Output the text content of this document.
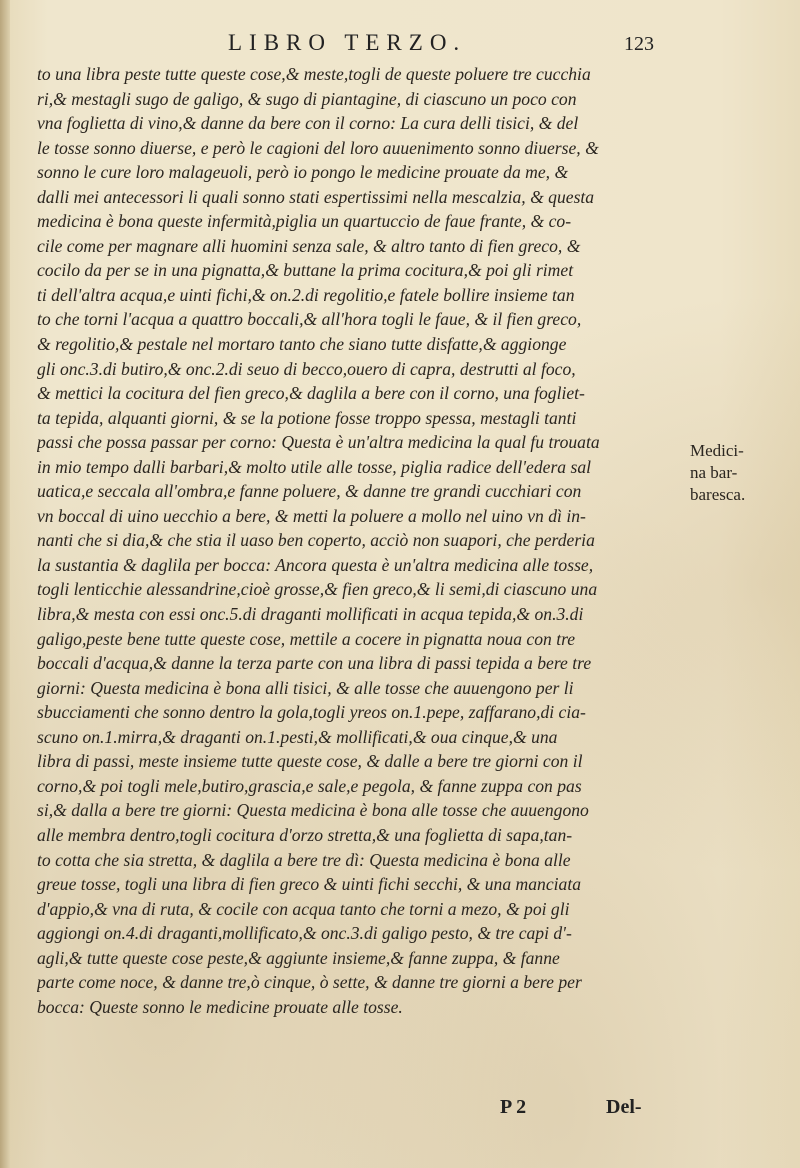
LIBRO TERZO.	123
to una libra peste tutte queste cose,& meste,togli de queste poluere tre cucchia
ri,& mestagli sugo de galigo, & sugo di piantagine, di ciascuno un poco con
vna foglietta di vino,& danne da bere con il corno: La cura delli tisici, & del
le tosse sonno diuerse, e però le cagioni del loro auuenimento sonno diuerse, &
sonno le cure loro malageuoli, però io pongo le medicine prouate da me, &
dalli mei antecessori li quali sonno stati espertissimi nella mescalzia, & questa
medicina è bona queste infermità,piglia un quartuccio de faue frante, & co-
cile come per magnare alli huomini senza sale, & altro tanto di fien greco, &
cocilo da per se in una pignatta,& buttane la prima cocitura,& poi gli rimet
ti dell'altra acqua,e uinti fichi,& on.2.di regolitio,e fatele bollire insieme tan
to che torni l'acqua a quattro boccali,& all'hora togli le faue, & il fien greco,
& regolitio,& pestale nel mortaro tanto che siano tutte disfatte,& aggionge
gli onc.3.di butiro,& onc.2.di seuo di becco,ouero di capra, destrutti al foco,
& mettici la cocitura del fien greco,& daglila a bere con il corno, una fogliet-
ta tepida, alquanti giorni, & se la potione fosse troppo spessa, mestagli tanti
passi che possa passar per corno: Questa è un'altra medicina la qual fu trouata
in mio tempo dalli barbari,& molto utile alle tosse, piglia radice dell'edera sal
uatica,e seccala all'ombra,e fanne poluere, & danne tre grandi cucchiari con
vn boccal di uino uecchio a bere, & metti la poluere a mollo nel uino vn dì in-
nanti che si dia,& che stia il uaso ben coperto, acciò non suapori, che perderia
la sustantia & daglila per bocca: Ancora questa è un'altra medicina alle tosse,
togli lenticchie alessandrine,cioè grosse,& fien greco,& li semi,di ciascuno una
libra,& mesta con essi onc.5.di draganti mollificati in acqua tepida,& on.3.di
galigo,peste bene tutte queste cose, mettile a cocere in pignatta noua con tre
boccali d'acqua,& danne la terza parte con una libra di passi tepida a bere tre
giorni: Questa medicina è bona alli tisici, & alle tosse che auuengono per li
sbucciamenti che sonno dentro la gola,togli yreos on.1.pepe, zaffarano,di cia-
scuno on.1.mirra,& draganti on.1.pesti,& mollificati,& oua cinque,& una
libra di passi, meste insieme tutte queste cose, & dalle a bere tre giorni con il
corno,& poi togli mele,butiro,grascia,e sale,e pegola, & fanne zuppa con pas
si,& dalla a bere tre giorni: Questa medicina è bona alle tosse che auuengono
alle membra dentro,togli cocitura d'orzo stretta,& una foglietta di sapa,tan-
to cotta che sia stretta, & daglila a bere tre dì: Questa medicina è bona alle
greue tosse, togli una libra di fien greco & uinti fichi secchi, & una manciata
d'appio,& vna di ruta, & cocile con acqua tanto che torni a mezo, & poi gli
aggiongi on.4.di draganti,mollificato,& onc.3.di galigo pesto, & tre capi d'-
agli,& tutte queste cose peste,& aggiunte insieme,& fanne zuppa, & fanne
parte come noce, & danne tre,ò cinque, ò sette, & danne tre giorni a bere per
bocca: Queste sonno le medicine prouate alle tosse.
Medici-
na bar-
baresca.
P 2	Del-
